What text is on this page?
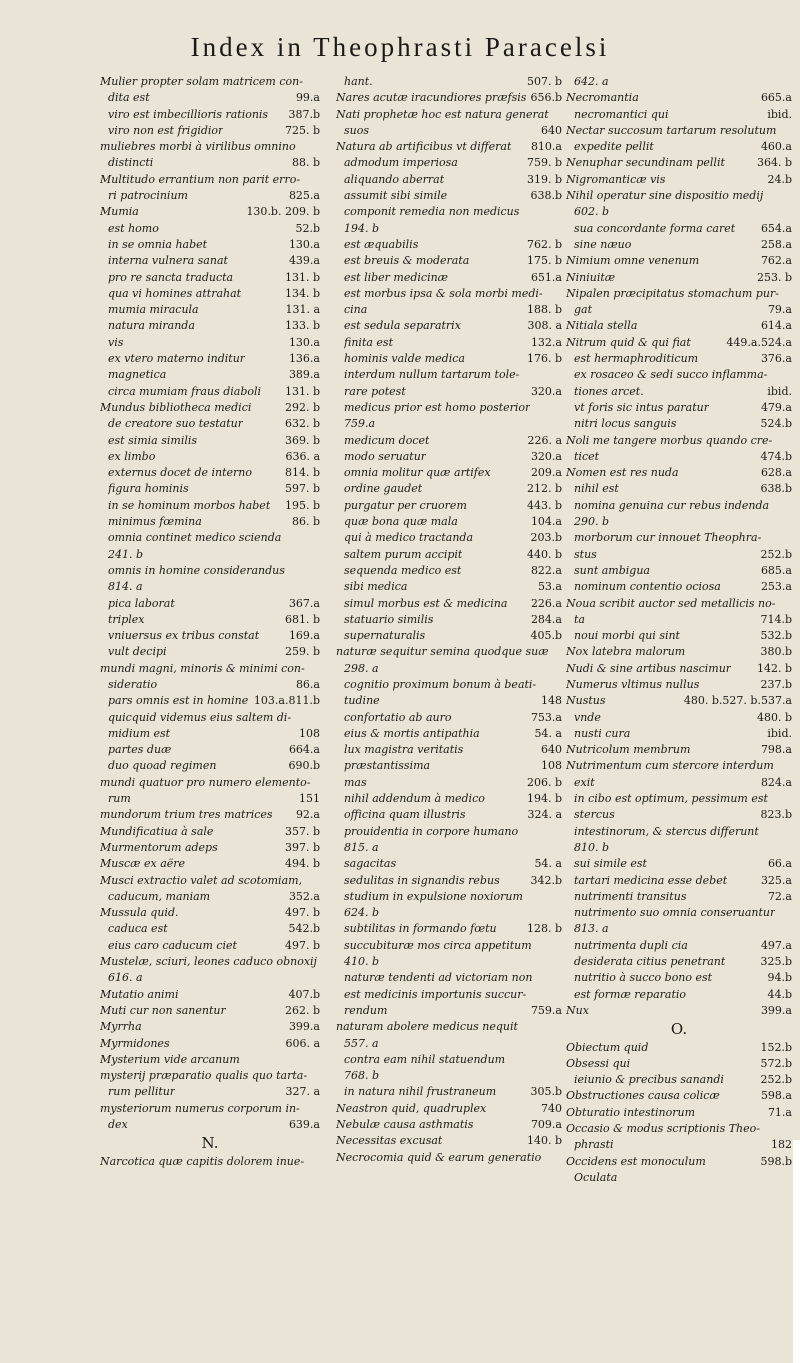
Index in Theophrasti Paracelsi
Mulier propter solam matricem con-
dita est	99.a
viro est imbecillioris rationis	387.b
viro non est frigidior	725. b
muliebres morbi à virilibus omnino
distincti	88. b
Multitudo errantium non parit erro-
ri patrocinium	825.a
Mumia	130.b. 209. b
est homo	52.b
in se omnia habet	130.a
interna vulnera sanat	439.a
pro re sancta traducta	131. b
qua vi homines attrahat	134. b
mumia miracula	131. a
natura miranda	133. b
vis	130.a
ex vtero materno inditur	136.a
magnetica	389.a
circa mumiam fraus diaboli	131. b
Mundus bibliotheca medici	292. b
de creatore suo testatur	632. b
est simia similis	369. b
ex limbo	636. a
externus docet de interno	814. b
figura hominis	597. b
in se hominum morbos habet	195. b
minimus fœmina	86. b
omnia continet medico scienda
241. b
omnis in homine considerandus
814. a
pica laborat	367.a
triplex	681. b
vniuersus ex tribus constat	169.a
vult decipi	259. b
mundi magni, minoris & minimi con-
sideratio	86.a
pars omnis est in homine 103.a.811.b
quicquid videmus eius saltem di-
midium est	108
partes duæ	664.a
duo quoad regimen	690.b
mundi quatuor pro numero elemento-
rum	151
mundorum trium tres matrices	92.a
Mundificatiua à sale	357. b
Murmentorum adeps	397. b
Muscæ ex aëre	494. b
Musci extractio valet ad scotomiam,
caducum, maniam	352.a
Mussula quid.	497. b
caduca est	542.b
eius caro caducum ciet	497. b
Mustelæ, sciuri, leones caduco obnoxij
616. a
Mutatio animi	407.b
Muti cur non sanentur	262. b
Myrrha	399.a
Myrmidones	606. a
Mysterium vide arcanum
mysterij præparatio qualis quo tarta-
rum pellitur	327. a
mysteriorum numerus corporum in-
dex	639.a
N.
Narcotica quæ capitis dolorem inue-
hant.	507. b
Nares acutæ iracundiores præfsis 656.b
Nati prophetæ hoc est natura generat
suos	640
Natura ab artificibus vt differat	810.a
admodum imperiosa	759. b
aliquando aberrat	319. b
assumit sibi simile	638.b
componit remedia non medicus
194. b
est æquabilis	762. b
est breuis & moderata	175. b
est liber medicinæ	651.a
est morbus ipsa & sola morbi medi-
cina	188. b
est sedula separatrix	308. a
finita est	132.a
hominis valde medica	176. b
interdum nullum tartarum tole-
rare potest	320.a
medicus prior est homo posterior
759.a
medicum docet	226. a
modo seruatur	320.a
omnia molitur quæ artifex	209.a
ordine gaudet	212. b
purgatur per cruorem	443. b
quæ bona quæ mala	104.a
qui à medico tractanda	203.b
saltem purum accipit	440. b
sequenda medico est	822.a
sibi medica	53.a
simul morbus est & medicina	226.a
statuario similis	284.a
supernaturalis	405.b
naturæ sequitur semina quodque suæ
298. a
cognitio proximum bonum à beati-
tudine	148
confortatio ab auro	753.a
eius & mortis antipathia	54. a
lux magistra veritatis	640
præstantissima	108
mas	206. b
nihil addendum à medico	194. b
officina quam illustris	324. a
prouidentia in corpore humano
815. a
sagacitas	54. a
sedulitas in signandis rebus	342.b
studium in expulsione noxiorum
624. b
subtilitas in formando fœtu	128. b
succubituræ mos circa appetitum
410. b
naturæ tendenti ad victoriam non
est medicinis importunis succur-
rendum	759.a
naturam abolere medicus nequit
557. a
contra eam nihil statuendum
768. b
in natura nihil frustraneum	305.b
Neastron quid, quadruplex	740
Nebulæ causa asthmatis	709.a
Necessitas excusat	140. b
Necrocomia quid & earum generatio
642. a
Necromantia	665.a
necromantici qui	ibid.
Nectar succosum tartarum resolutum
expedite pellit	460.a
Nenuphar secundinam pellit	364. b
Nigromanticæ vis	24.b
Nihil operatur sine dispositio medij
602. b
sua concordante forma caret	654.a
sine næuo	258.a
Nimium omne venenum	762.a
Niniuitæ	253. b
Nipalen præcipitatus stomachum pur-
gat	79.a
Nitiala stella	614.a
Nitrum quid & qui fiat	449.a.524.a
est hermaphroditicum	376.a
ex rosaceo & sedi succo inflamma-
tiones arcet.	ibid.
vt foris sic intus paratur	479.a
nitri locus sanguis	524.b
Noli me tangere morbus quando cre-
ticet	474.b
Nomen est res nuda	628.a
nihil est	638.b
nomina genuina cur rebus indenda
290. b
morborum cur innouet Theophra-
stus	252.b
sunt ambigua	685.a
nominum contentio ociosa	253.a
Noua scribit auctor sed metallicis no-
ta	714.b
noui morbi qui sint	532.b
Nox latebra malorum	380.b
Nudi & sine artibus nascimur	142. b
Numerus vltimus nullus	237.b
Nustus	480. b.527. b.537.a
vnde	480. b
nusti cura	ibid.
Nutricolum membrum	798.a
Nutrimentum cum stercore interdum
exit	824.a
in cibo est optimum, pessimum est
stercus	823.b
intestinorum, & stercus differunt
810. b
sui simile est	66.a
tartari medicina esse debet	325.a
nutrimenti transitus	72.a
nutrimento suo omnia conseruantur
813. a
nutrimenta dupli cia	497.a
desiderata citius penetrant	325.b
nutritio à succo bono est	94.b
est formæ reparatio	44.b
Nux	399.a
O.
Obiectum quid	152.b
Obsessi qui	572.b
ieiunio & precibus sanandi	252.b
Obstructiones causa colicæ	598.a
Obturatio intestinorum	71.a
Occasio & modus scriptionis Theo-
phrasti	182
Occidens est monoculum	598.b
Oculata
